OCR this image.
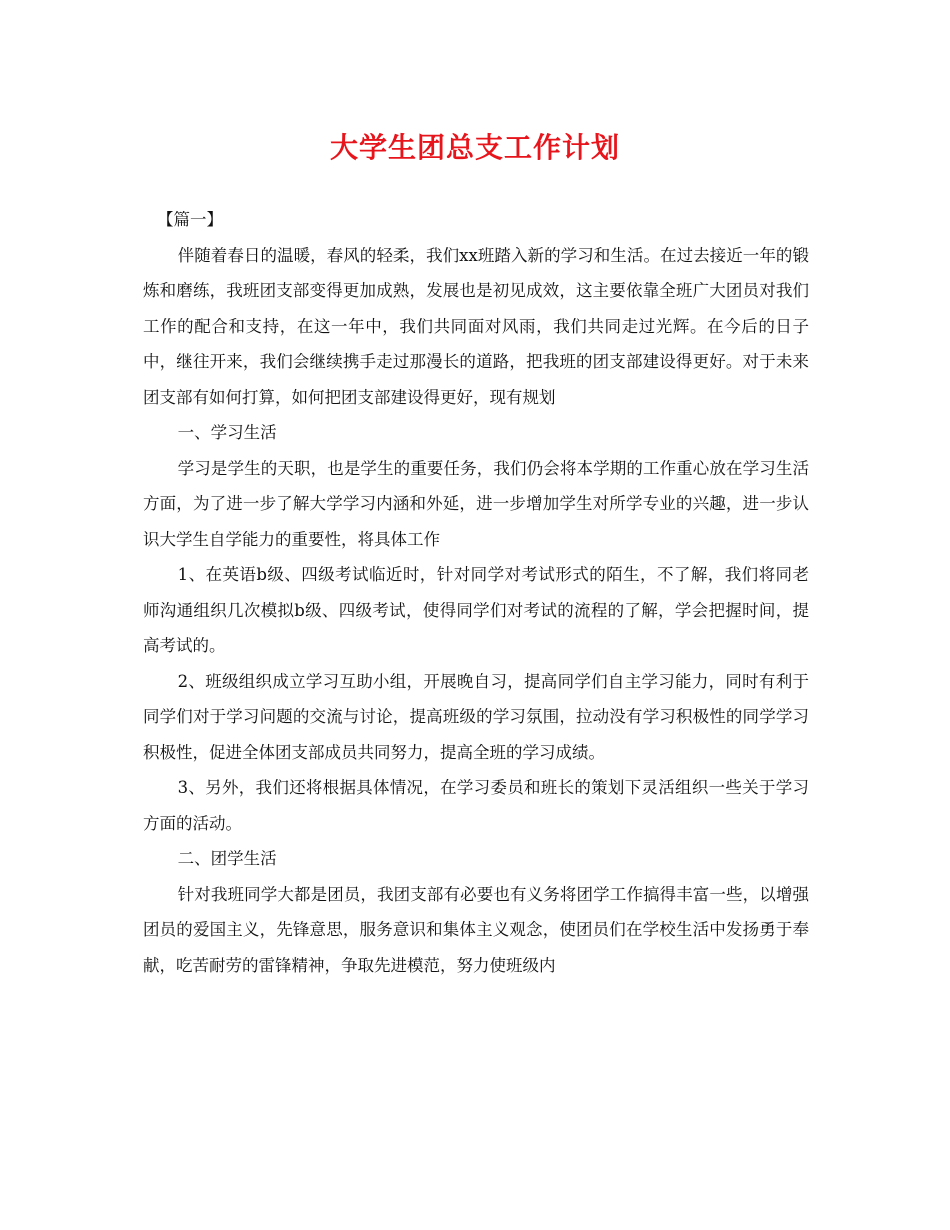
大学生团总支工作计划

【篇一】

伴随着春日的温暖，春风的轻柔，我们xx班踏入新的学习和生活。在过去接近一年的锻炼和磨练，我班团支部变得更加成熟，发展也是初见成效，这主要依靠全班广大团员对我们工作的配合和支持，在这一年中，我们共同面对风雨，我们共同走过光辉。在今后的日子中，继往开来，我们会继续携手走过那漫长的道路，把我班的团支部建设得更好。对于未来团支部有如何打算，如何把团支部建设得更好，现有规划

一、学习生活

学习是学生的天职，也是学生的重要任务，我们仍会将本学期的工作重心放在学习生活方面，为了进一步了解大学学习内涵和外延，进一步增加学生对所学专业的兴趣，进一步认识大学生自学能力的重要性，将具体工作

1、在英语b级、四级考试临近时，针对同学对考试形式的陌生，不了解，我们将同老师沟通组织几次模拟b级、四级考试，使得同学们对考试的流程的了解，学会把握时间，提高考试的。

2、班级组织成立学习互助小组，开展晚自习，提高同学们自主学习能力，同时有利于同学们对于学习问题的交流与讨论，提高班级的学习氛围，拉动没有学习积极性的同学学习积极性，促进全体团支部成员共同努力，提高全班的学习成绩。

3、另外，我们还将根据具体情况，在学习委员和班长的策划下灵活组织一些关于学习方面的活动。

二、团学生活

针对我班同学大都是团员，我团支部有必要也有义务将团学工作搞得丰富一些，以增强团员的爱国主义，先锋意思，服务意识和集体主义观念，使团员们在学校生活中发扬勇于奉献，吃苦耐劳的雷锋精神，争取先进模范，努力使班级内
